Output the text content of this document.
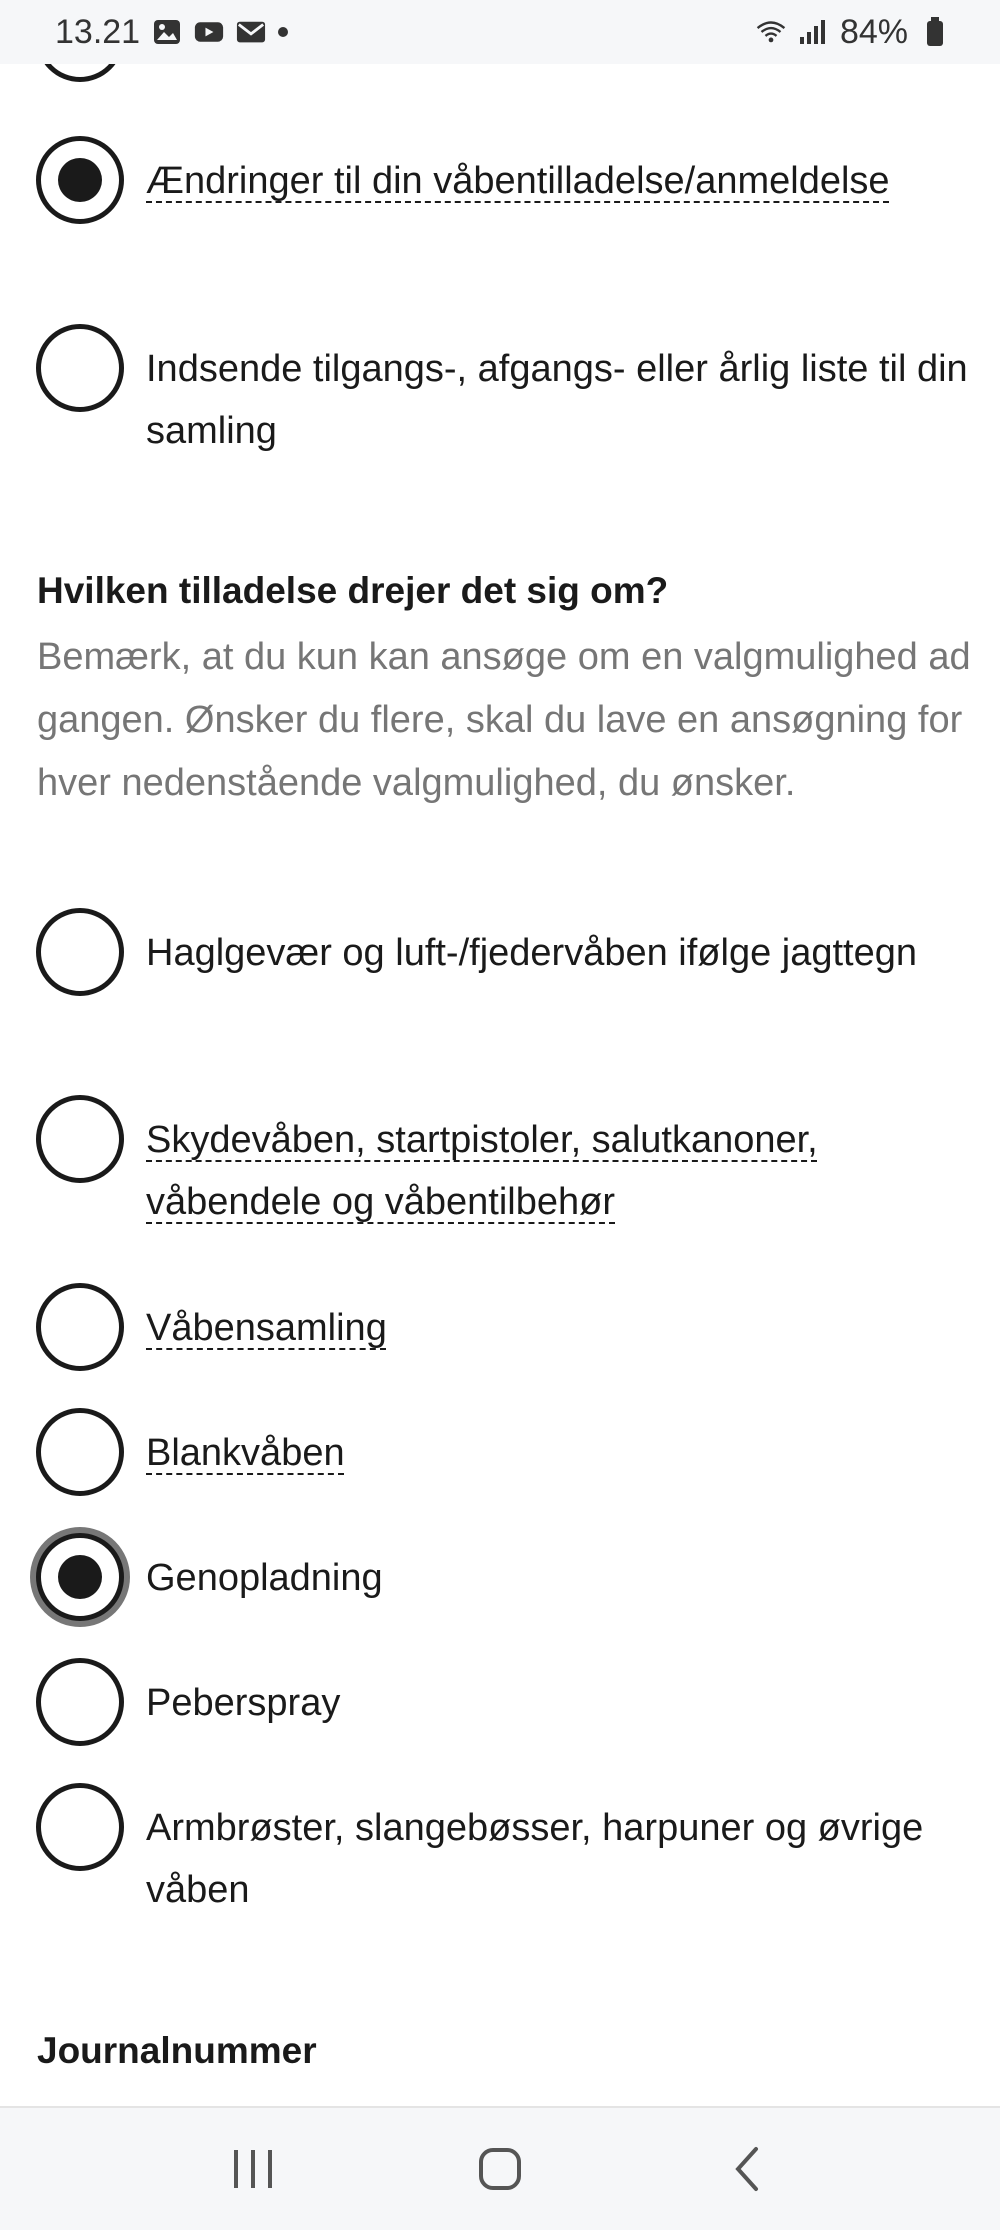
Ændringer til din våbentilladelse/anmeldelse
Indsende tilgangs-, afgangs- eller årlig liste til din samling
Hvilken tilladelse drejer det sig om?
Bemærk, at du kun kan ansøge om en valgmulighed ad gangen. Ønsker du flere, skal du lave en ansøgning for hver nedenstående valgmulighed, du ønsker.
Haglgevær og luft-/fjedervåben ifølge jagttegn
Skydevåben, startpistoler, salutkanoner, våbendele og våbentilbehør
Våbensamling
Blankvåben
Genopladning
Peberspray
Armbrøster, slangebøsser, harpuner og øvrige våben
Journalnummer
13.21	84%
